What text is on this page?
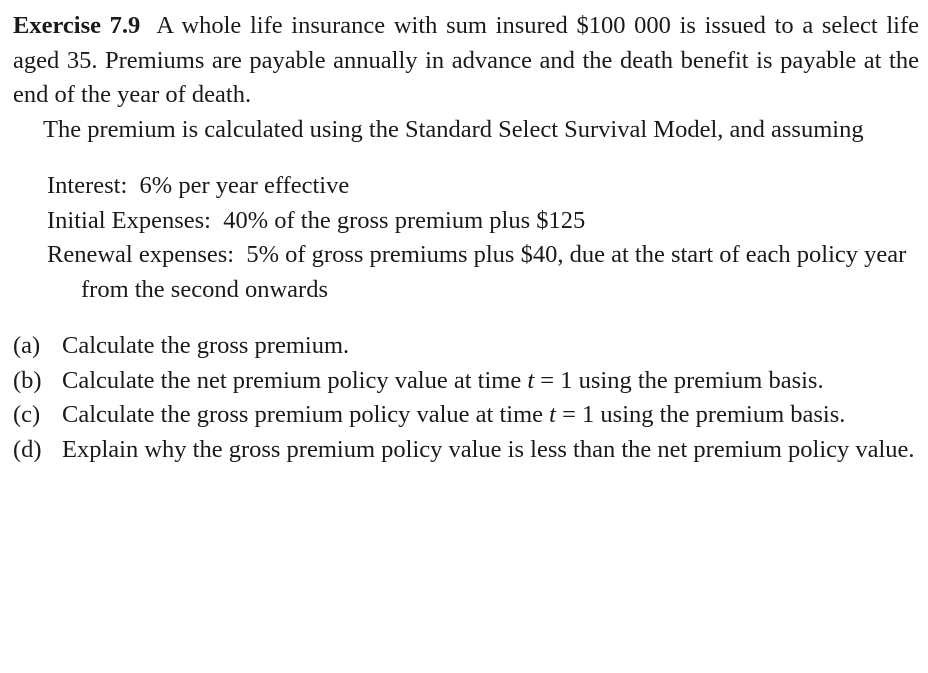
Exercise 7.9 A whole life insurance with sum insured $100 000 is issued to a select life aged 35. Premiums are payable annually in advance and the death benefit is payable at the end of the year of death.

The premium is calculated using the Standard Select Survival Model, and assuming

Interest: 6% per year effective

Initial Expenses: 40% of the gross premium plus $125

Renewal expenses: 5% of gross premiums plus $40, due at the start of each policy year from the second onwards

(a) Calculate the gross premium.
(b) Calculate the net premium policy value at time t = 1 using the premium basis.
(c) Calculate the gross premium policy value at time t = 1 using the premium basis.
(d) Explain why the gross premium policy value is less than the net premium policy value.
